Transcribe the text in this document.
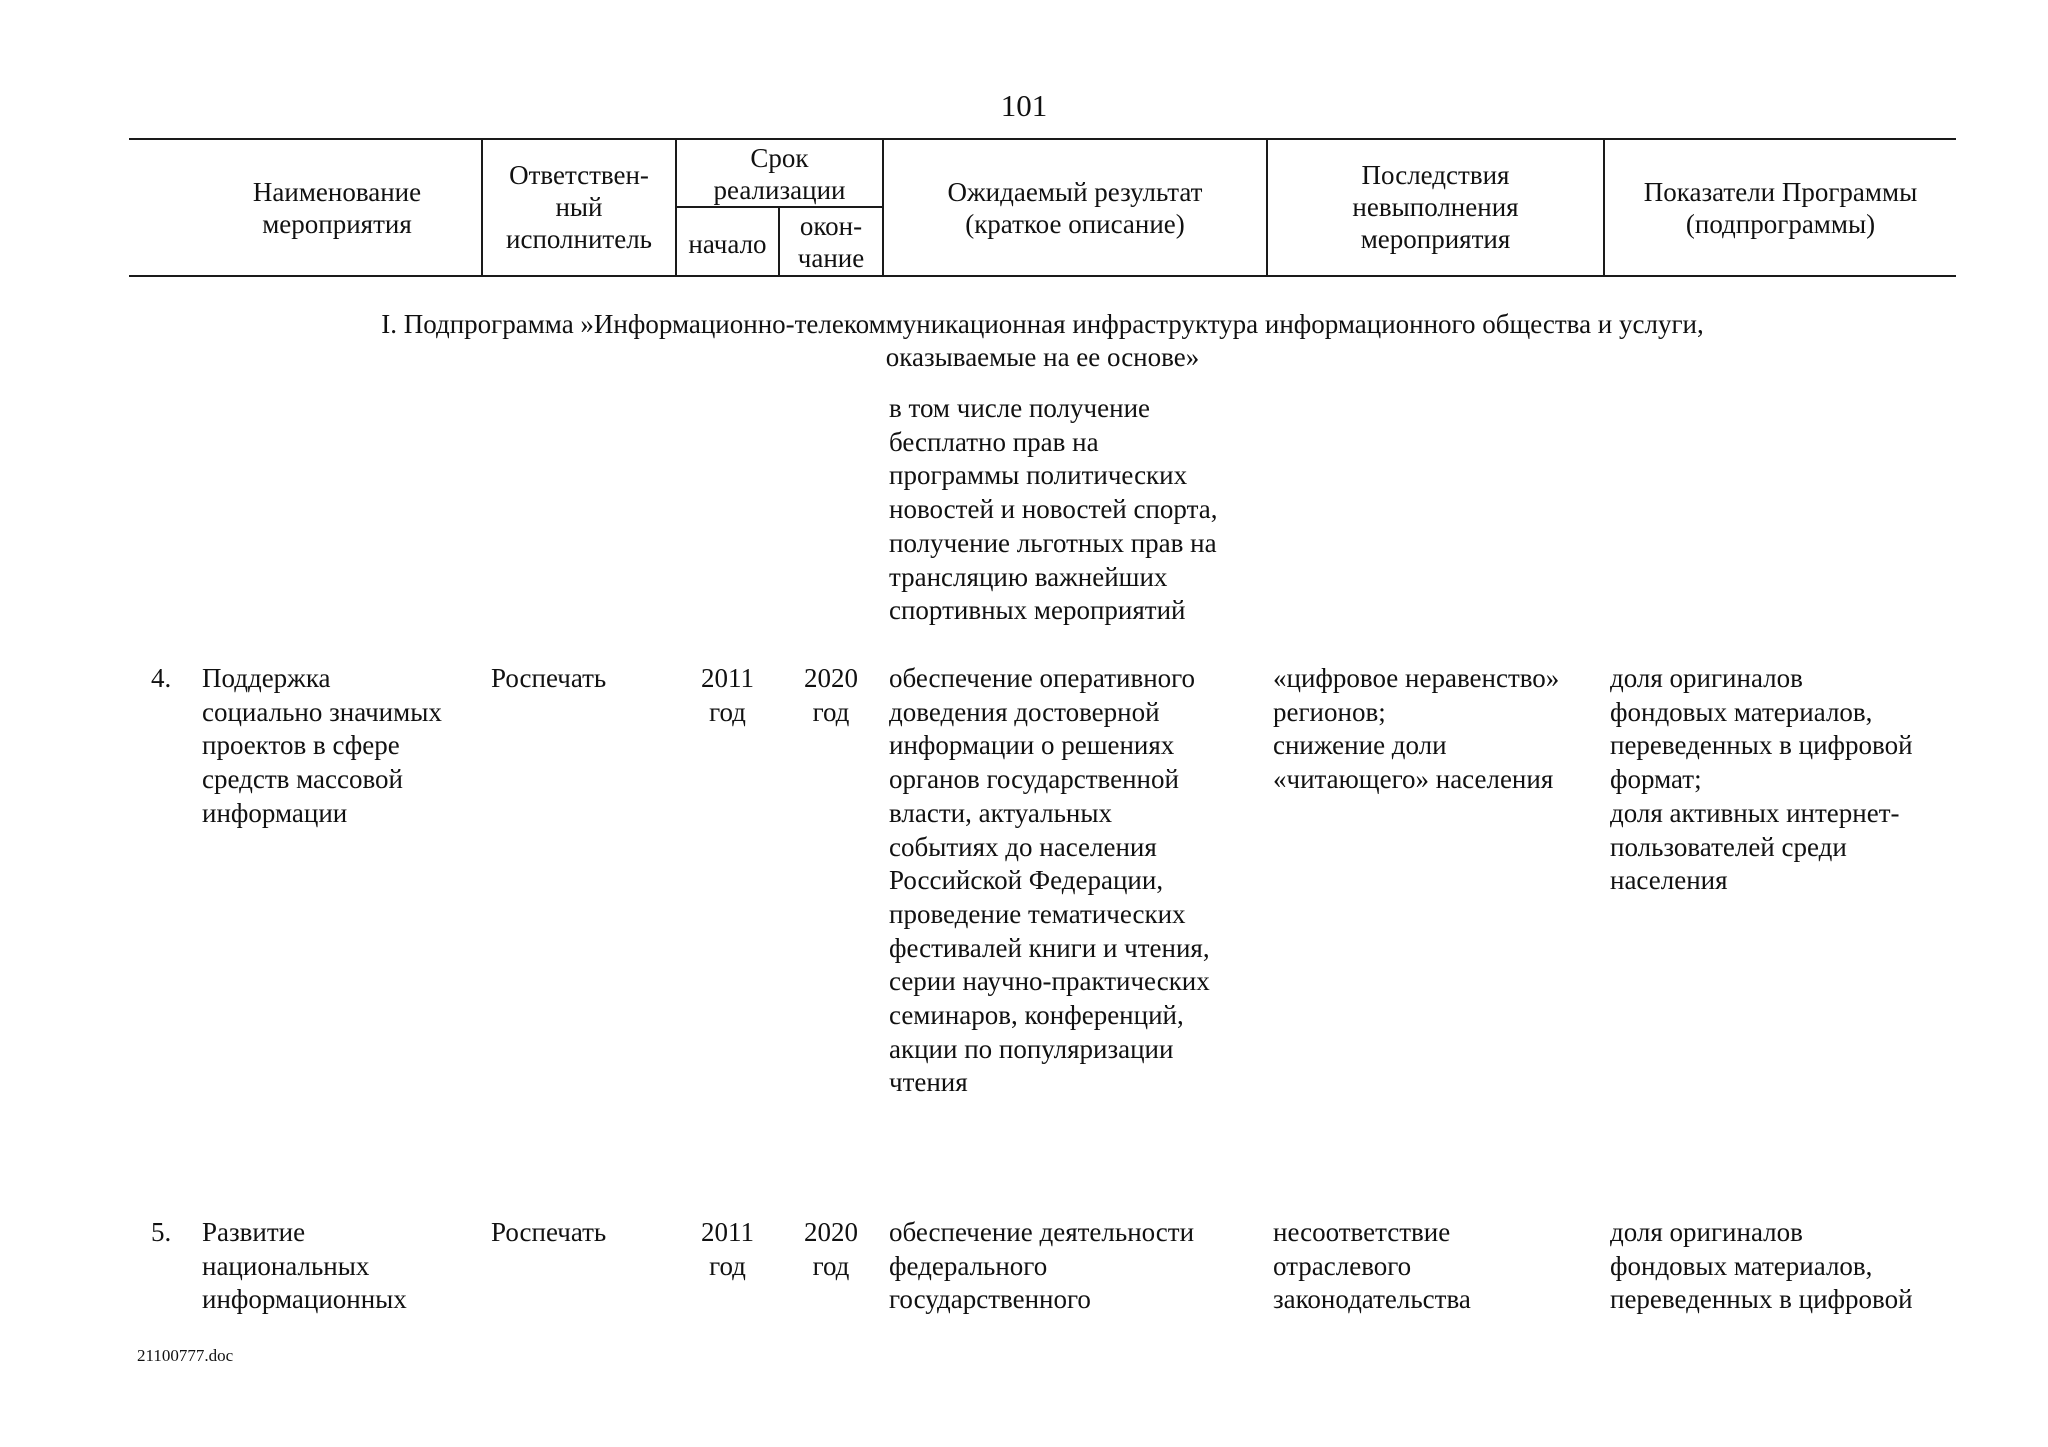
101
Наименование
мероприятия
Ответствен-
ный
исполнитель
Срок
реализации
начало
окон-
чание
Ожидаемый результат
(краткое описание)
Последствия
невыполнения
мероприятия
Показатели Программы
(подпрограммы)
I. Подпрограмма »Информационно-телекоммуникационная инфраструктура информационного общества и услуги,
оказываемые на ее основе»
в том числе получение
бесплатно прав на
программы политических
новостей и новостей спорта,
получение льготных прав на
трансляцию важнейших
спортивных мероприятий
4. Поддержка
социально значимых
проектов в сфере
средств массовой
информации
Роспечать	2011
год
2020
год
обеспечение оперативного
доведения достоверной
информации о решениях
органов государственной
власти, актуальных
событиях до населения
Российской Федерации,
проведение тематических
фестивалей книги и чтения,
серии научно-практических
семинаров, конференций,
акции по популяризации
чтения
«цифровое неравенство»
регионов;
снижение доли
«читающего» населения
доля оригиналов
фондовых материалов,
переведенных в цифровой
формат;
доля активных интернет-
пользователей среди
населения
5. Развитие
национальных
информационных
Роспечать	2011
год
2020
год
обеспечение деятельности
федерального
государственного
несоответствие
отраслевого
законодательства
доля оригиналов
фондовых материалов,
переведенных в цифровой
21100777.doc
